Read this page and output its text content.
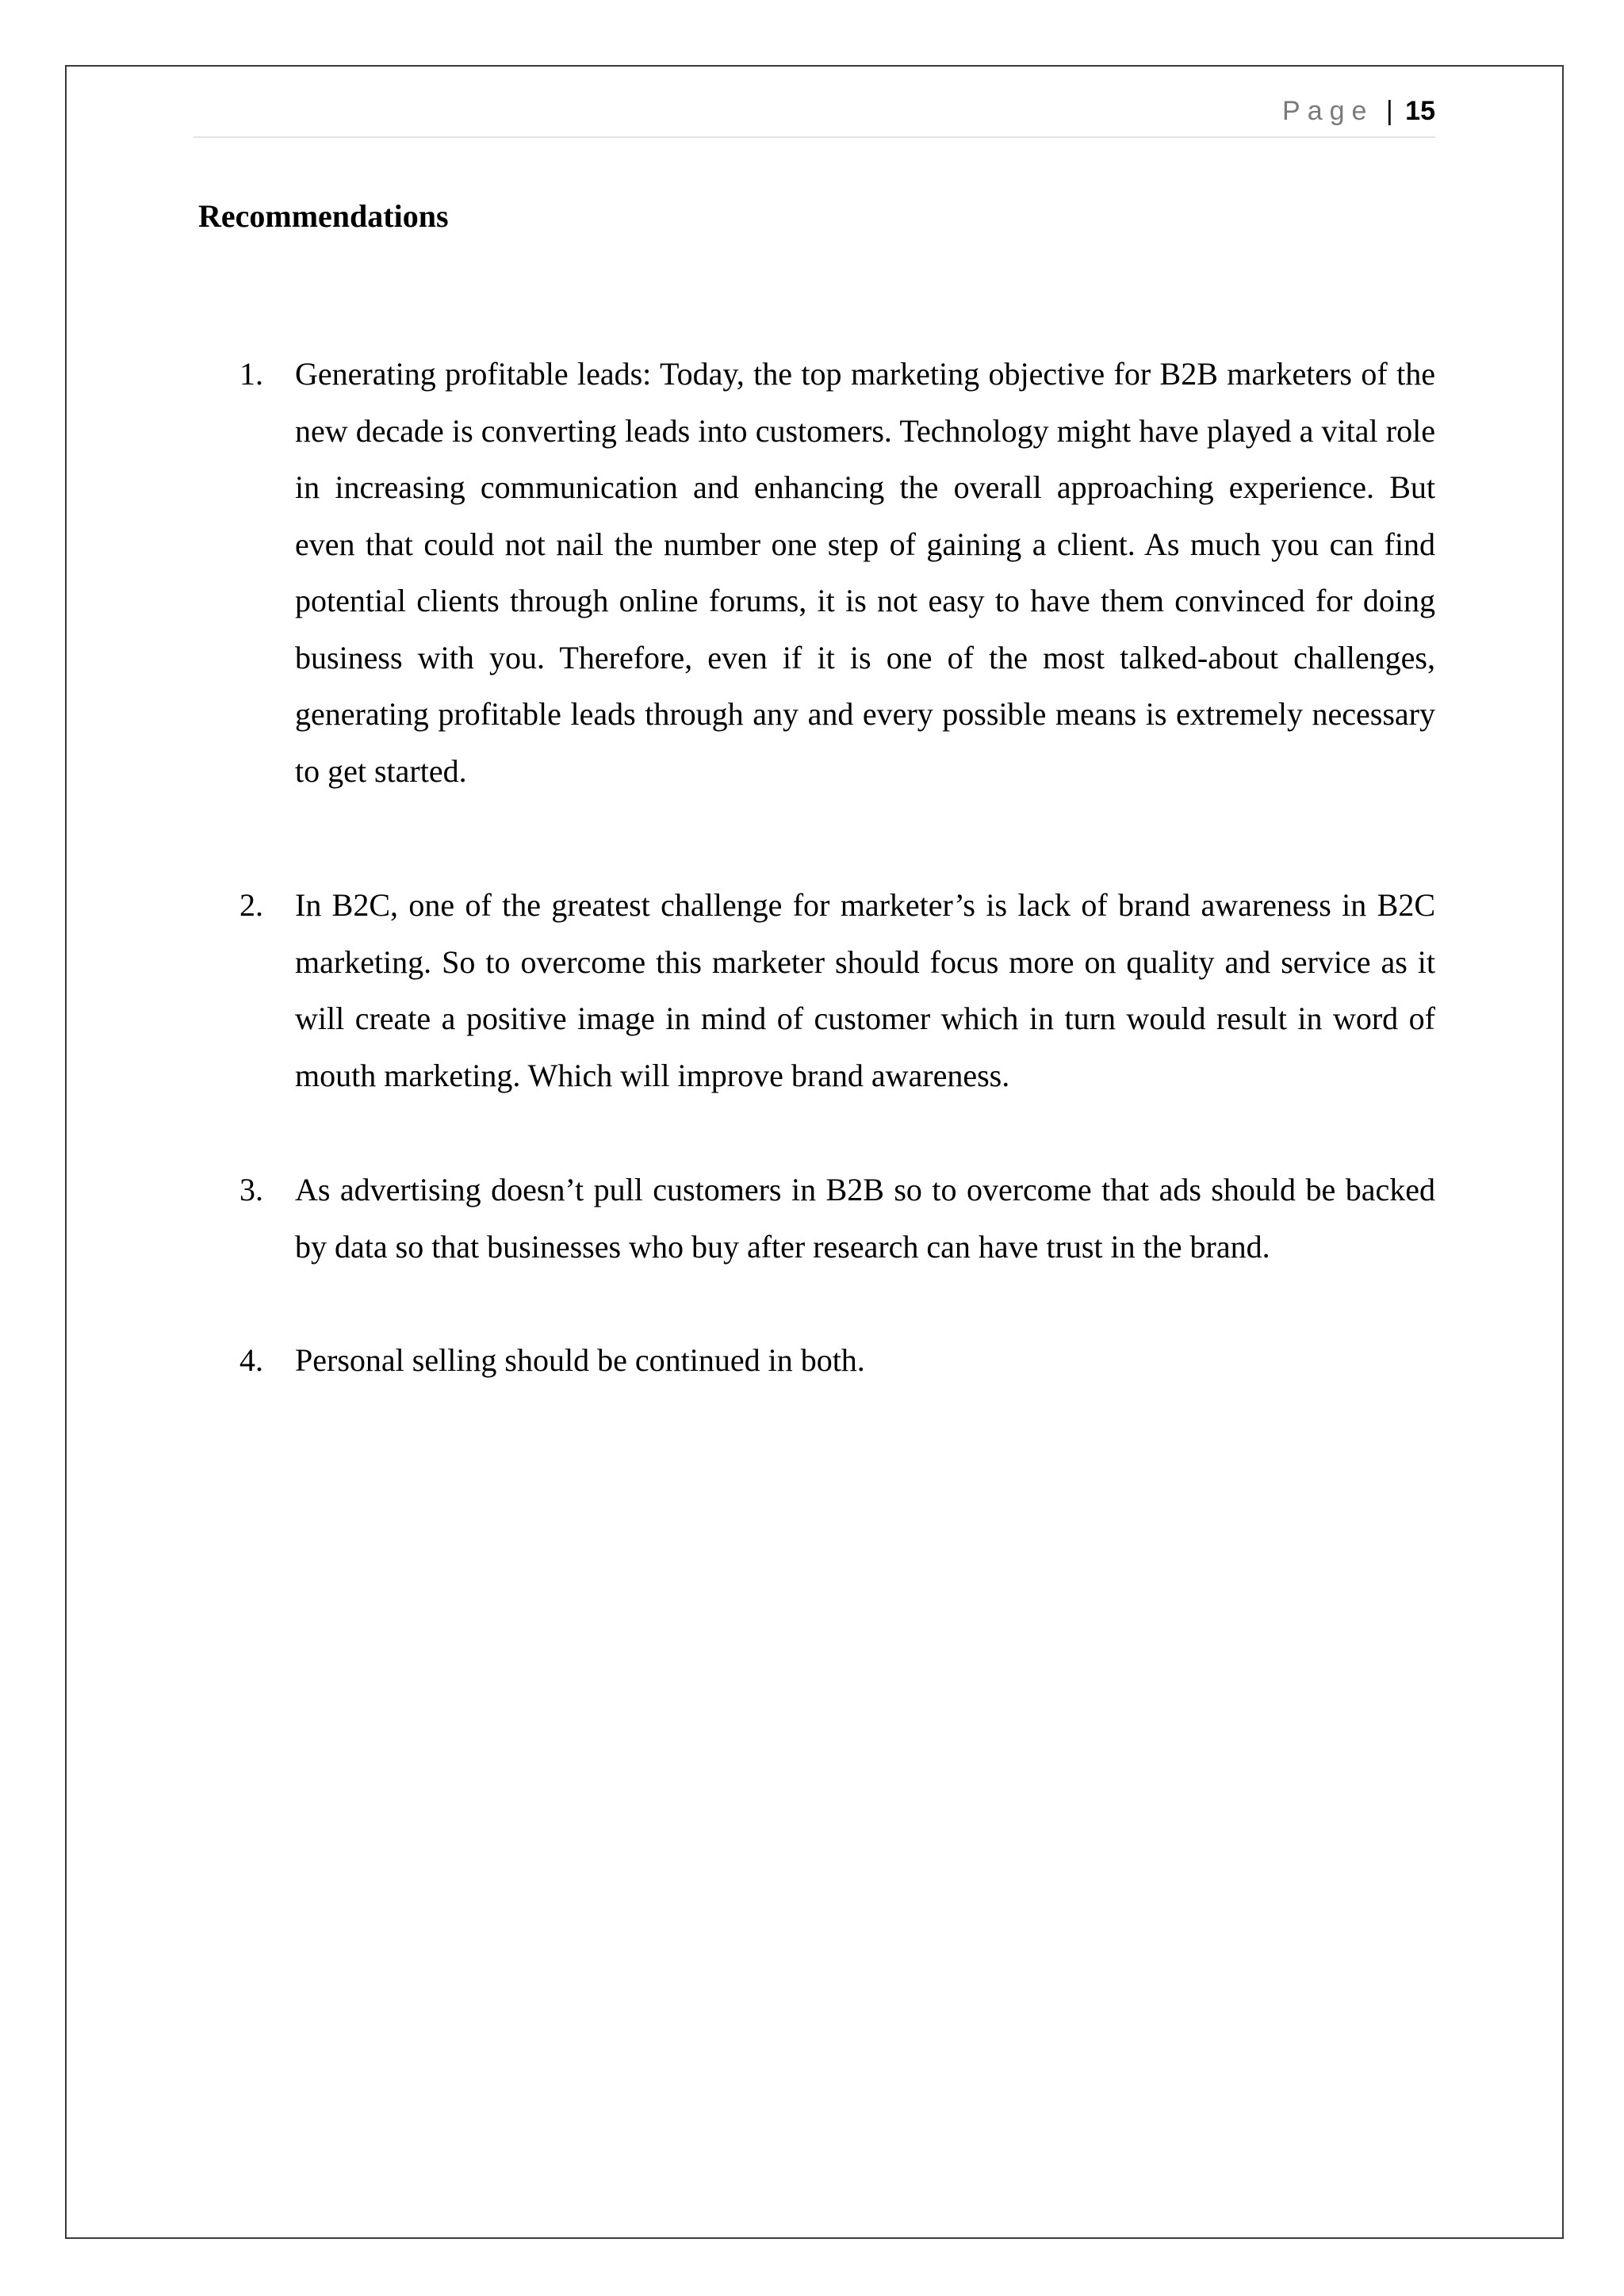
Page | 15
Recommendations
1.	Generating profitable leads: Today, the top marketing objective for B2B marketers of the new decade is converting leads into customers. Technology might have played a vital role in increasing communication and enhancing the overall approaching experience. But even that could not nail the number one step of gaining a client. As much you can find potential clients through online forums, it is not easy to have them convinced for doing business with you. Therefore, even if it is one of the most talked-about challenges, generating profitable leads through any and every possible means is extremely necessary to get started.
2.	In B2C, one of the greatest challenge for marketer’s is lack of brand awareness in B2C marketing. So to overcome this marketer should focus more on quality and service as it will create a positive image in mind of customer which in turn would result in word of mouth marketing. Which will improve brand awareness.
3.	As advertising doesn’t pull customers in B2B so to overcome that ads should be backed by data so that businesses who buy after research can have trust in the brand.
4.	Personal selling should be continued in both.
